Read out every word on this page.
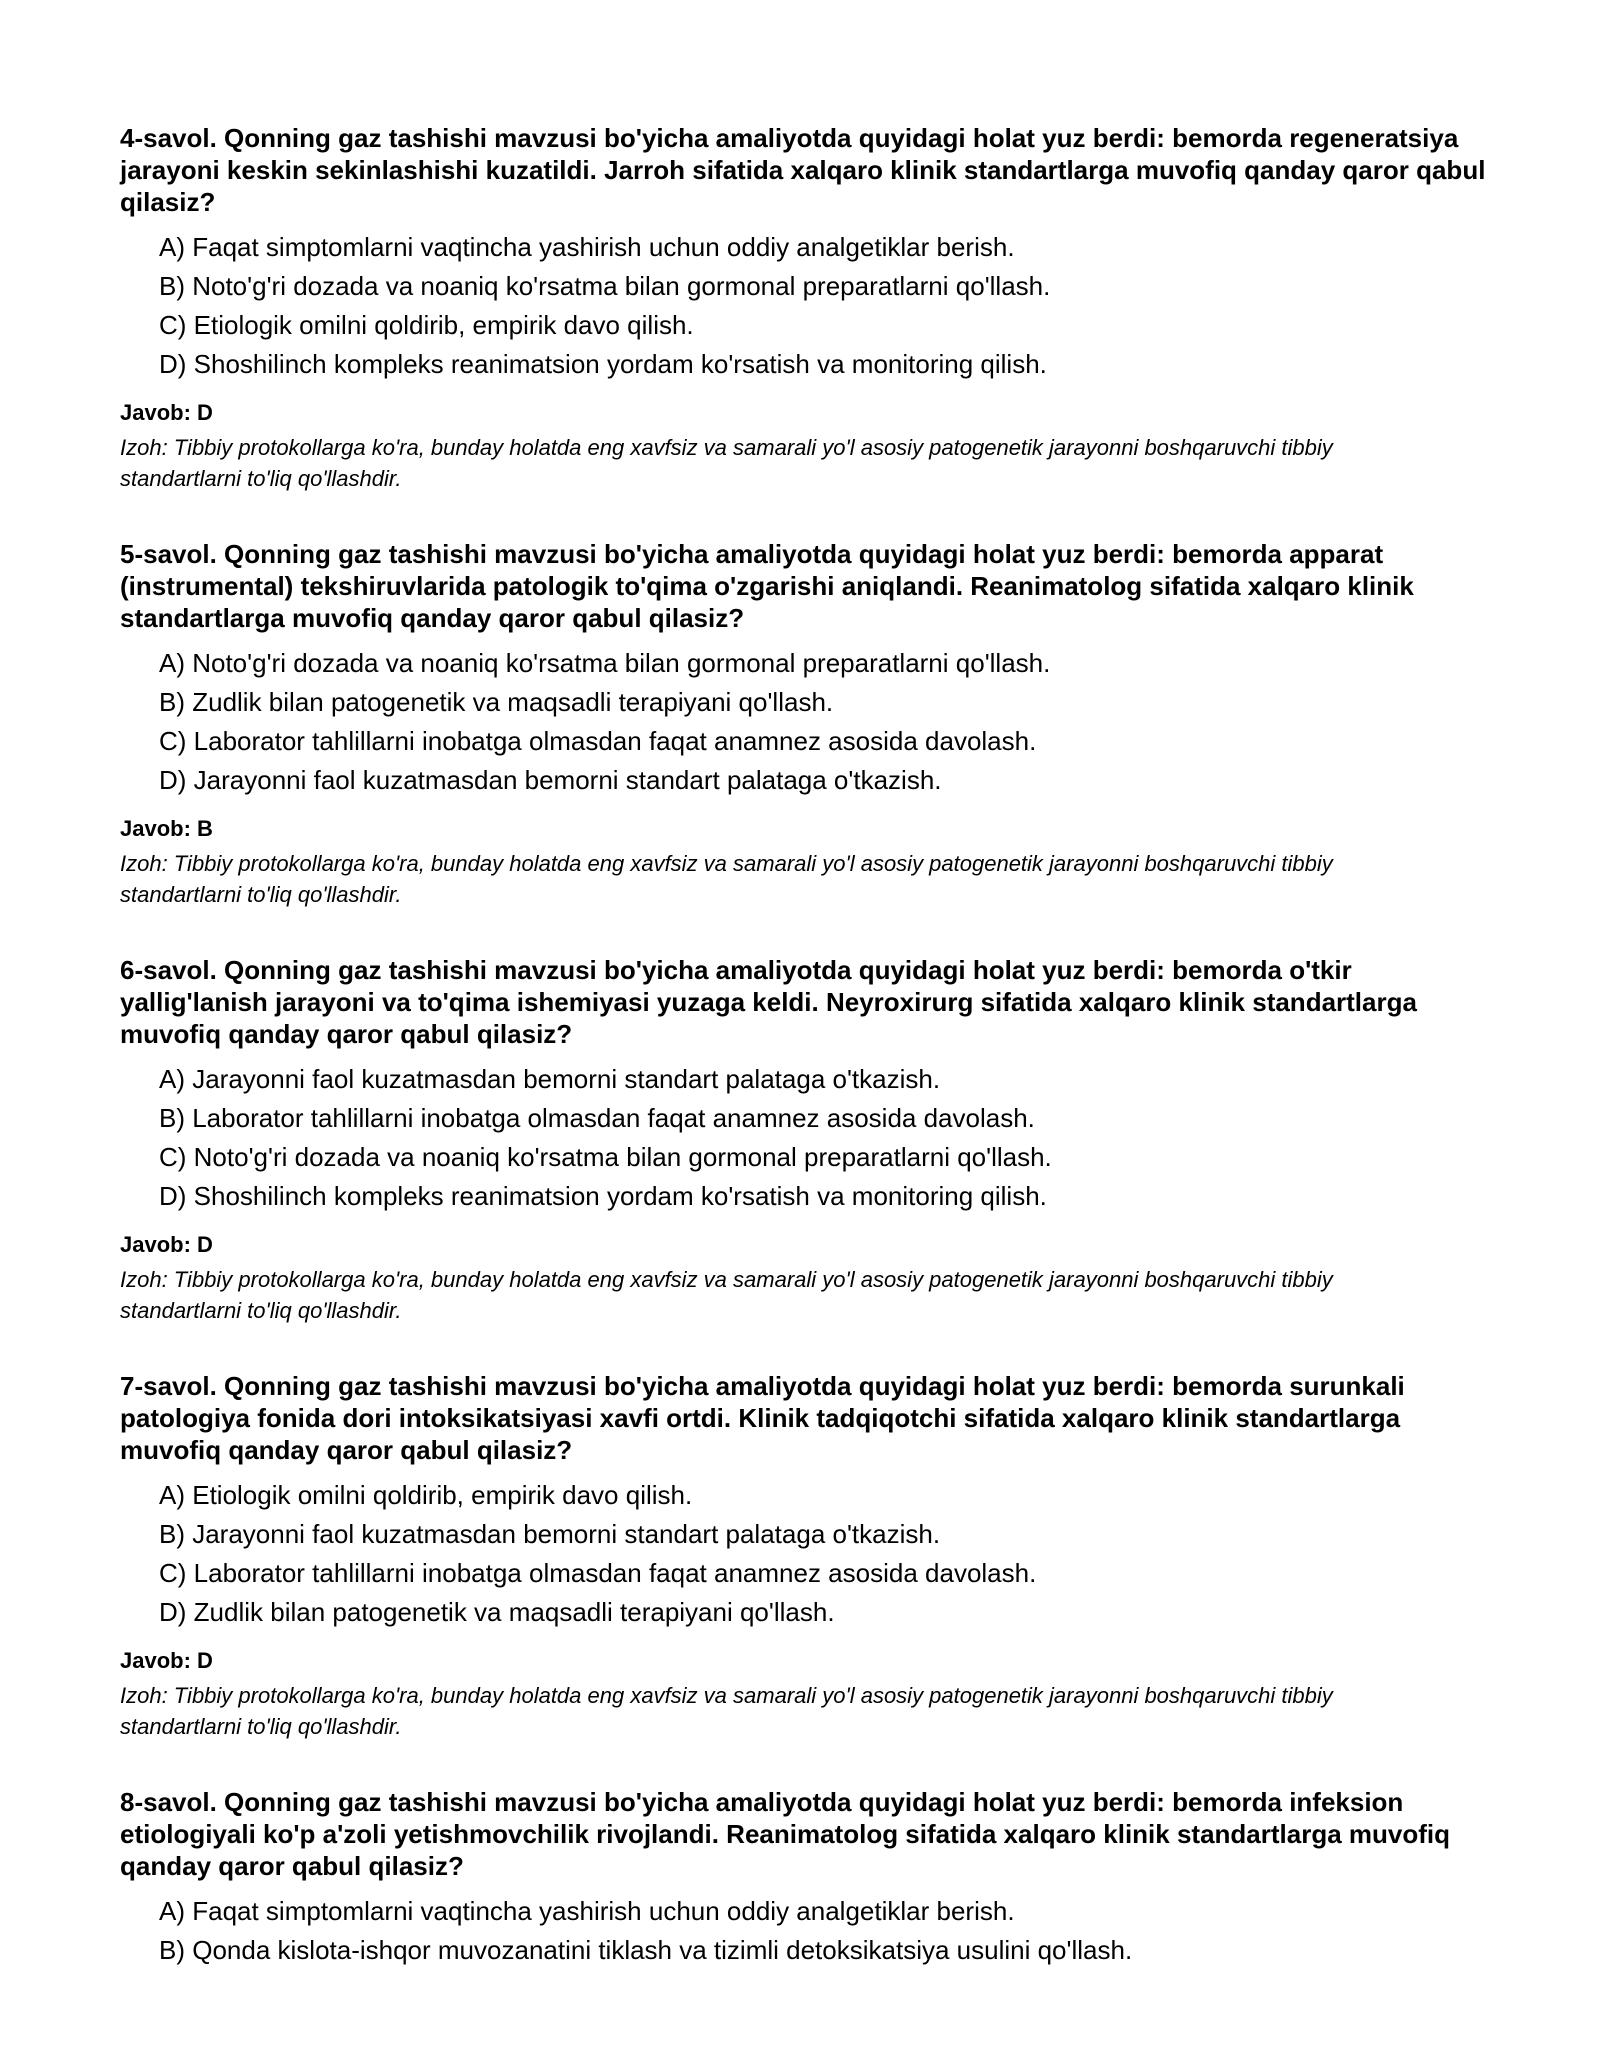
4-savol. Qonning gaz tashishi mavzusi bo'yicha amaliyotda quyidagi holat yuz berdi: bemorda regeneratsiya jarayoni keskin sekinlashishi kuzatildi. Jarroh sifatida xalqaro klinik standartlarga muvofiq qanday qaror qabul qilasiz?
A) Faqat simptomlarni vaqtincha yashirish uchun oddiy analgetiklar berish.
B) Noto'g'ri dozada va noaniq ko'rsatma bilan gormonal preparatlarni qo'llash.
C) Etiologik omilni qoldirib, empirik davo qilish.
D) Shoshilinch kompleks reanimatsion yordam ko'rsatish va monitoring qilish.
Javob: D
Izoh: Tibbiy protokollarga ko'ra, bunday holatda eng xavfsiz va samarali yo'l asosiy patogenetik jarayonni boshqaruvchi tibbiy standartlarni to'liq qo'llashdir.
5-savol. Qonning gaz tashishi mavzusi bo'yicha amaliyotda quyidagi holat yuz berdi: bemorda apparat (instrumental) tekshiruvlarida patologik to'qima o'zgarishi aniqlandi. Reanimatolog sifatida xalqaro klinik standartlarga muvofiq qanday qaror qabul qilasiz?
A) Noto'g'ri dozada va noaniq ko'rsatma bilan gormonal preparatlarni qo'llash.
B) Zudlik bilan patogenetik va maqsadli terapiyani qo'llash.
C) Laborator tahlillarni inobatga olmasdan faqat anamnez asosida davolash.
D) Jarayonni faol kuzatmasdan bemorni standart palataga o'tkazish.
Javob: B
Izoh: Tibbiy protokollarga ko'ra, bunday holatda eng xavfsiz va samarali yo'l asosiy patogenetik jarayonni boshqaruvchi tibbiy standartlarni to'liq qo'llashdir.
6-savol. Qonning gaz tashishi mavzusi bo'yicha amaliyotda quyidagi holat yuz berdi: bemorda o'tkir yallig'lanish jarayoni va to'qima ishemiyasi yuzaga keldi. Neyroxirurg sifatida xalqaro klinik standartlarga muvofiq qanday qaror qabul qilasiz?
A) Jarayonni faol kuzatmasdan bemorni standart palataga o'tkazish.
B) Laborator tahlillarni inobatga olmasdan faqat anamnez asosida davolash.
C) Noto'g'ri dozada va noaniq ko'rsatma bilan gormonal preparatlarni qo'llash.
D) Shoshilinch kompleks reanimatsion yordam ko'rsatish va monitoring qilish.
Javob: D
Izoh: Tibbiy protokollarga ko'ra, bunday holatda eng xavfsiz va samarali yo'l asosiy patogenetik jarayonni boshqaruvchi tibbiy standartlarni to'liq qo'llashdir.
7-savol. Qonning gaz tashishi mavzusi bo'yicha amaliyotda quyidagi holat yuz berdi: bemorda surunkali patologiya fonida dori intoksikatsiyasi xavfi ortdi. Klinik tadqiqotchi sifatida xalqaro klinik standartlarga muvofiq qanday qaror qabul qilasiz?
A) Etiologik omilni qoldirib, empirik davo qilish.
B) Jarayonni faol kuzatmasdan bemorni standart palataga o'tkazish.
C) Laborator tahlillarni inobatga olmasdan faqat anamnez asosida davolash.
D) Zudlik bilan patogenetik va maqsadli terapiyani qo'llash.
Javob: D
Izoh: Tibbiy protokollarga ko'ra, bunday holatda eng xavfsiz va samarali yo'l asosiy patogenetik jarayonni boshqaruvchi tibbiy standartlarni to'liq qo'llashdir.
8-savol. Qonning gaz tashishi mavzusi bo'yicha amaliyotda quyidagi holat yuz berdi: bemorda infeksion etiologiyali ko'p a'zoli yetishmovchilik rivojlandi. Reanimatolog sifatida xalqaro klinik standartlarga muvofiq qanday qaror qabul qilasiz?
A) Faqat simptomlarni vaqtincha yashirish uchun oddiy analgetiklar berish.
B) Qonda kislota-ishqor muvozanatini tiklash va tizimli detoksikatsiya usulini qo'llash.
